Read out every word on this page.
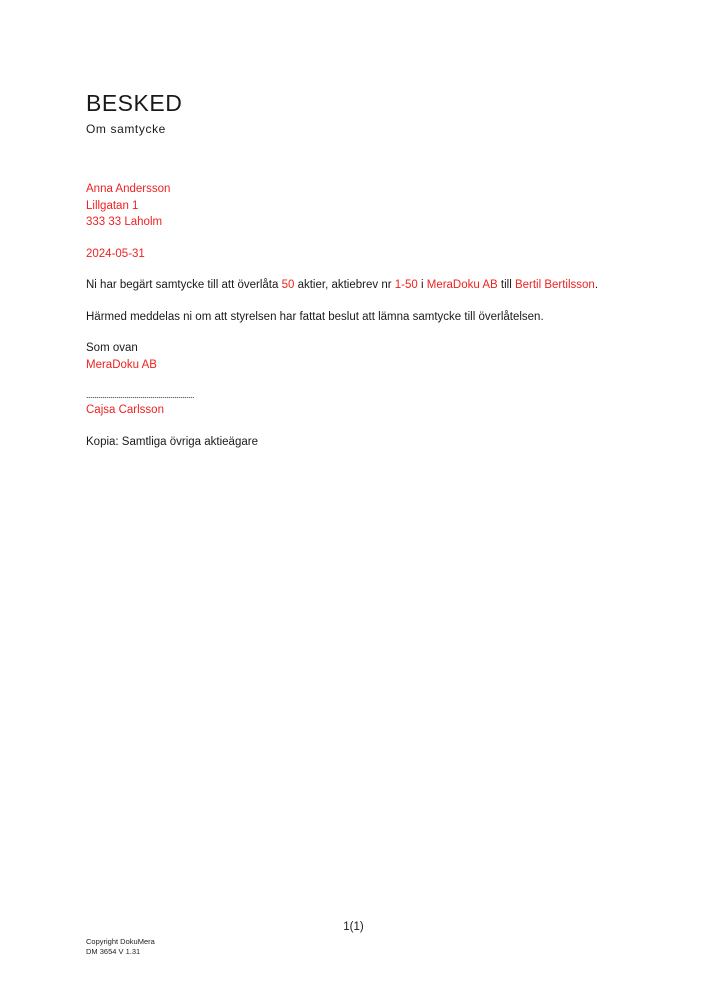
BESKED
Om samtycke

Anna Andersson

Lillgatan 1

333 33 Laholm

2024-05-31

Ni har begärt samtycke till att överlåta 50 aktier, aktiebrev nr 1-50 i MeraDoku AB till Bertil Bertilsson.

Härmed meddelas ni om att styrelsen har fattat beslut att lämna samtycke till överlåtelsen.

Som ovan

MeraDoku AB

......................................................

Cajsa Carlsson

Kopia: Samtliga övriga aktieägare

1(1)
Copyright DokuMera
DM 3654 V 1.31
